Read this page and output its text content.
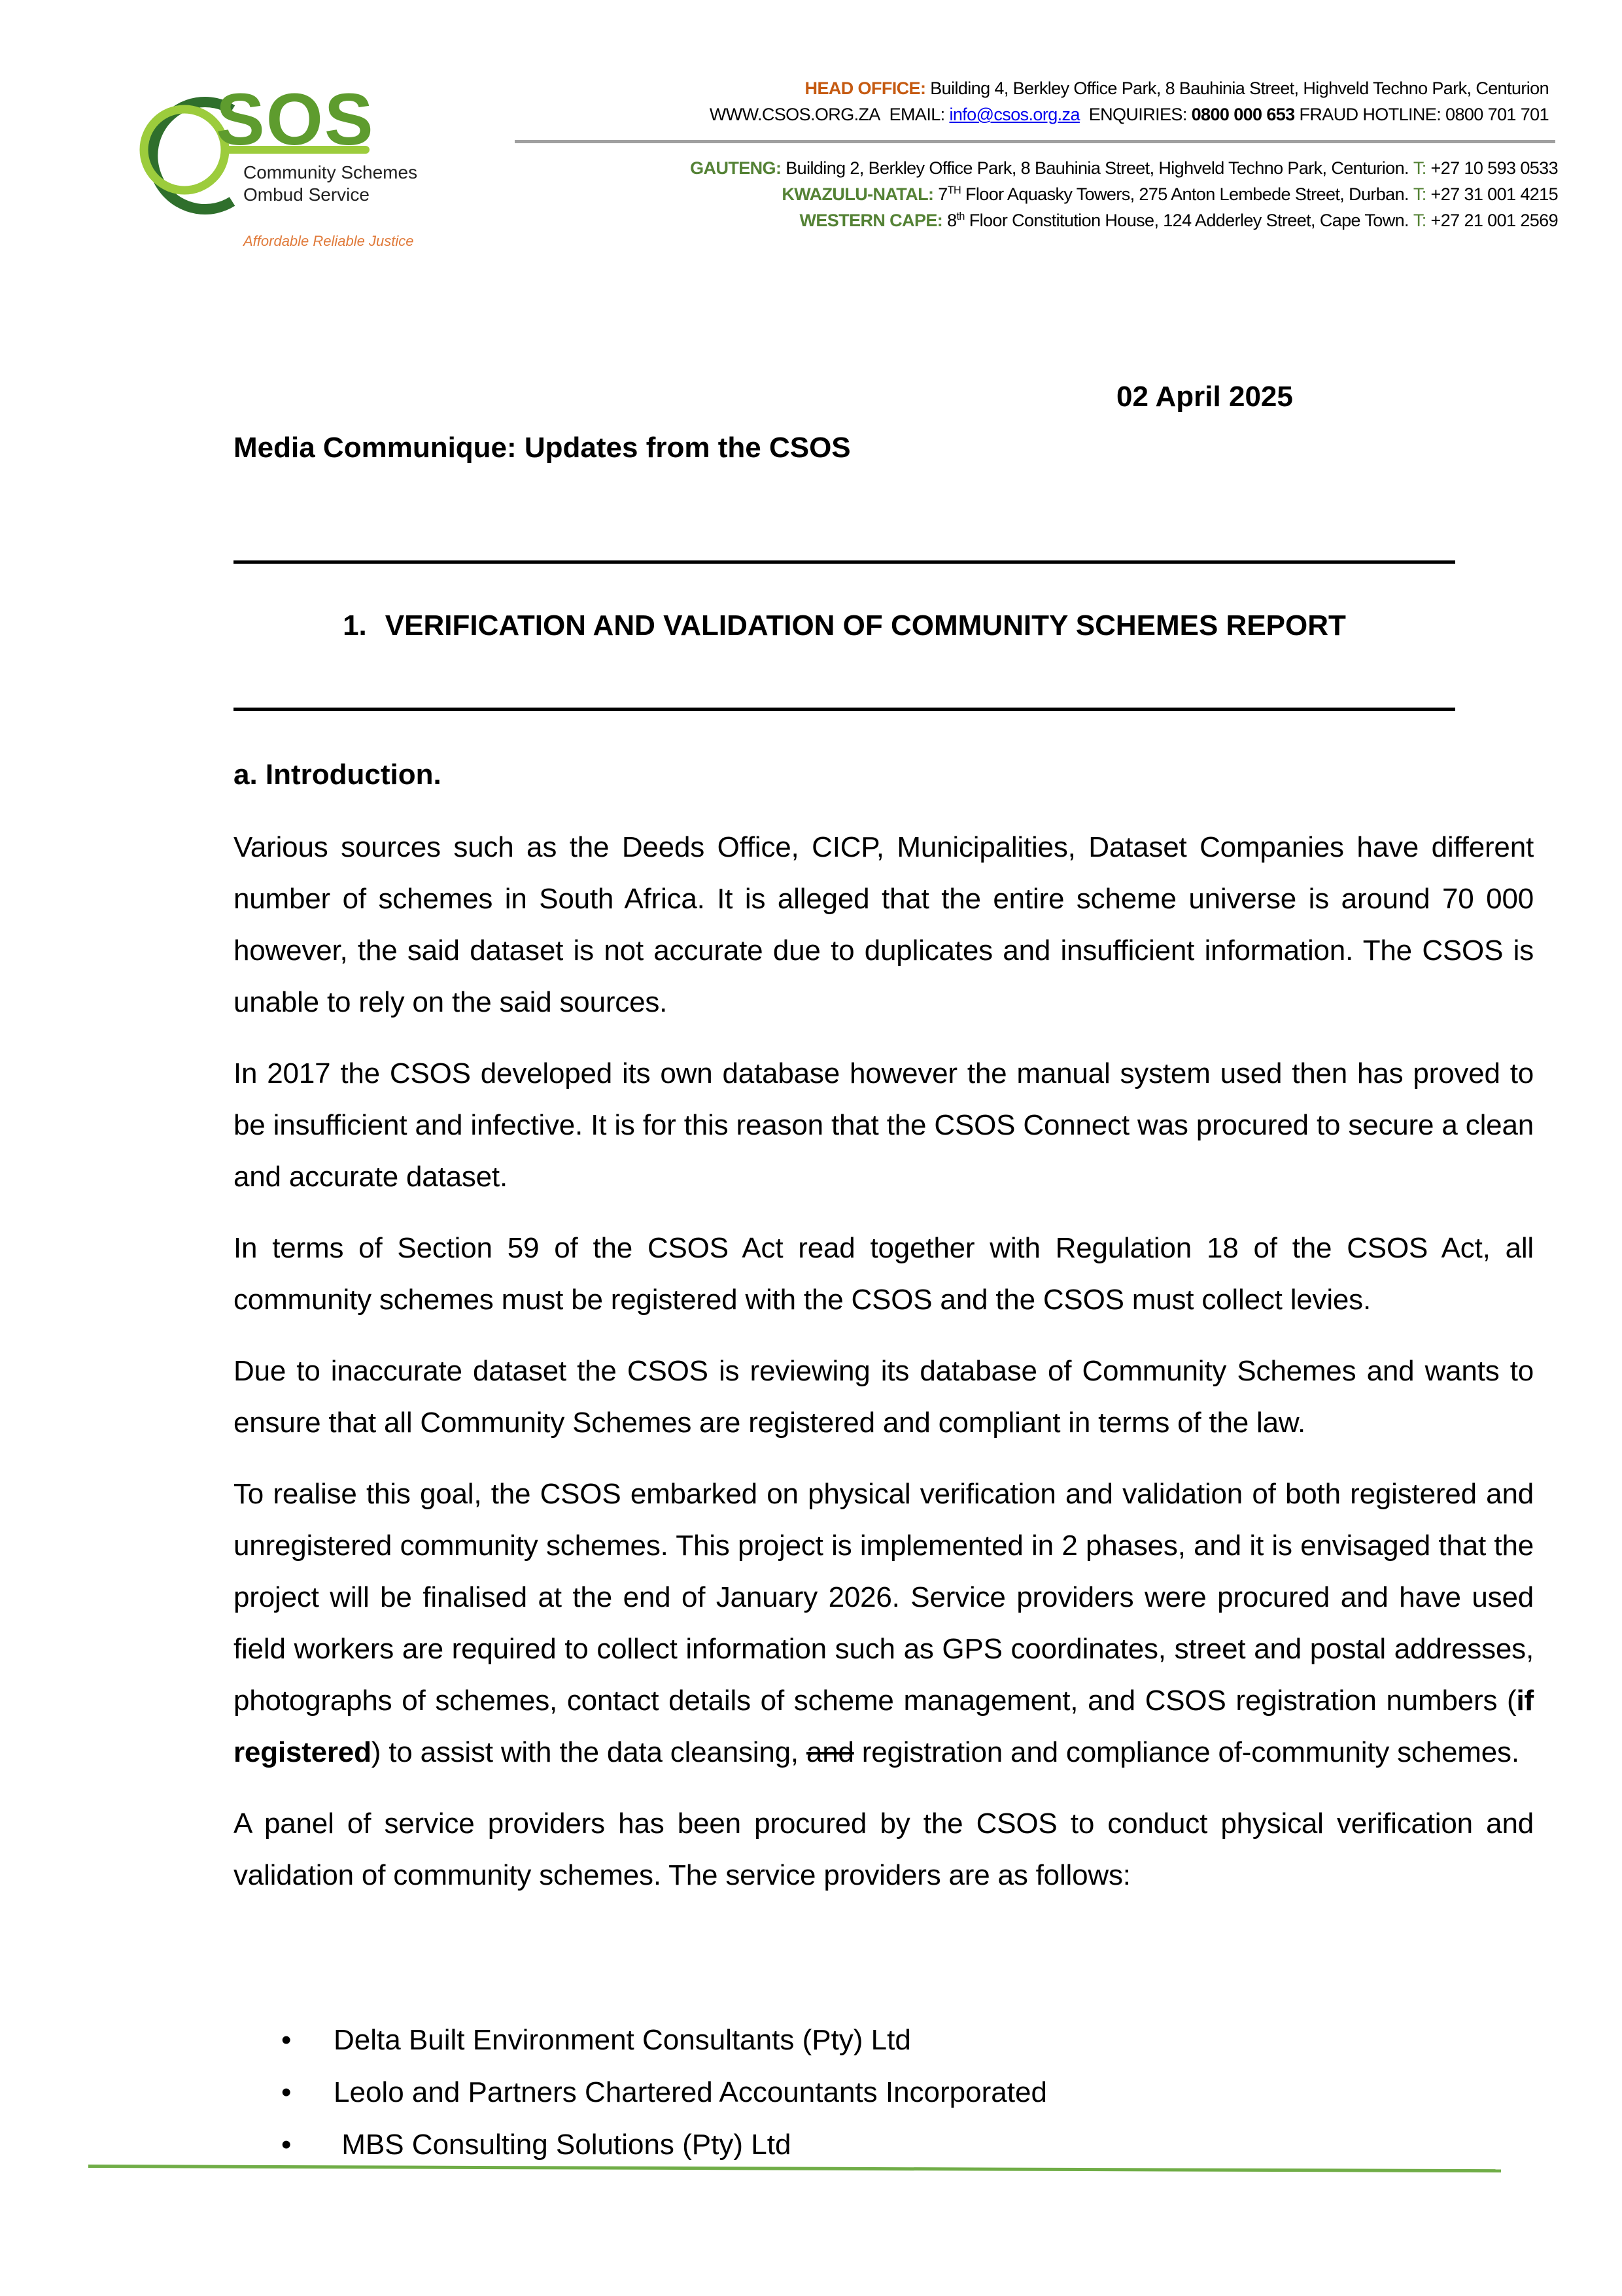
SOS
Community Schemes
Ombud Service
Affordable Reliable Justice
HEAD OFFICE: Building 4, Berkley Office Park, 8 Bauhinia Street, Highveld Techno Park, Centurion
WWW.CSOS.ORG.ZA EMAIL: info@csos.org.za ENQUIRIES: 0800 000 653 FRAUD HOTLINE: 0800 701 701
GAUTENG: Building 2, Berkley Office Park, 8 Bauhinia Street, Highveld Techno Park, Centurion. T: +27 10 593 0533
KWAZULU-NATAL: 7TH Floor Aquasky Towers, 275 Anton Lembede Street, Durban. T: +27 31 001 4215
WESTERN CAPE: 8th Floor Constitution House, 124 Adderley Street, Cape Town. T: +27 21 001 2569
02 April 2025
Media Communique: Updates from the CSOS
1. VERIFICATION AND VALIDATION OF COMMUNITY SCHEMES REPORT
a. Introduction.

Various sources such as the Deeds Office, CICP, Municipalities, Dataset Companies have different number of schemes in South Africa. It is alleged that the entire scheme universe is around 70 000 however, the said dataset is not accurate due to duplicates and insufficient information. The CSOS is unable to rely on the said sources.

In 2017 the CSOS developed its own database however the manual system used then has proved to be insufficient and infective. It is for this reason that the CSOS Connect was procured to secure a clean and accurate dataset.

In terms of Section 59 of the CSOS Act read together with Regulation 18 of the CSOS Act, all community schemes must be registered with the CSOS and the CSOS must collect levies.

Due to inaccurate dataset the CSOS is reviewing its database of Community Schemes and wants to ensure that all Community Schemes are registered and compliant in terms of the law.

To realise this goal, the CSOS embarked on physical verification and validation of both registered and unregistered community schemes. This project is implemented in 2 phases, and it is envisaged that the project will be finalised at the end of January 2026. Service providers were procured and have used field workers are required to collect information such as GPS coordinates, street and postal addresses, photographs of schemes, contact details of scheme management, and CSOS registration numbers (if registered) to assist with the data cleansing, and registration and compliance of-community schemes.

A panel of service providers has been procured by the CSOS to conduct physical verification and validation of community schemes. The service providers are as follows:

• Delta Built Environment Consultants (Pty) Ltd
• Leolo and Partners Chartered Accountants Incorporated
• MBS Consulting Solutions (Pty) Ltd
